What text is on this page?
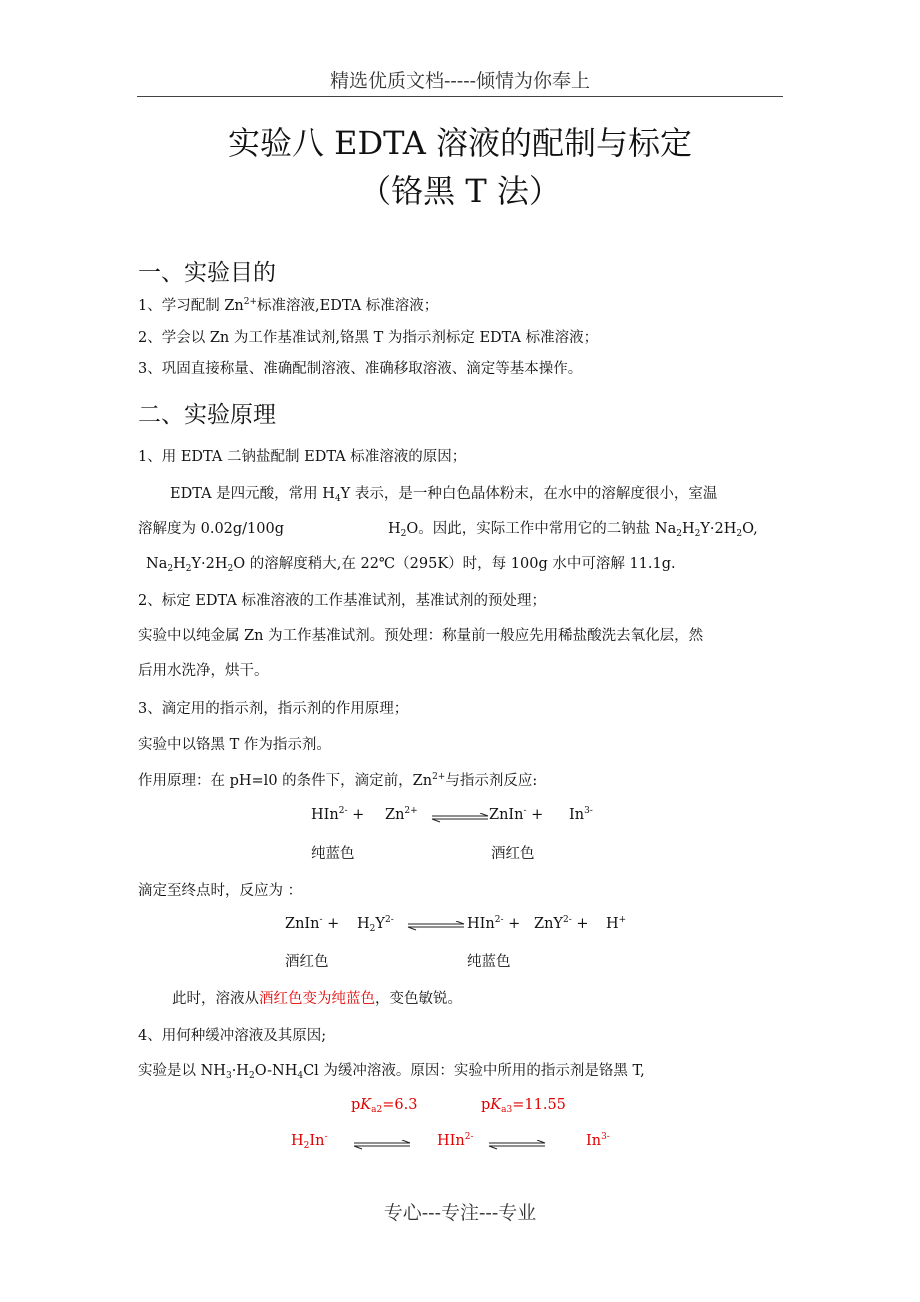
精选优质文档-----倾情为你奉上
实验八 EDTA 溶液的配制与标定
（铬黑 T 法）
一、实验目的
1、学习配制 $Zn^{2+}$标准溶液,EDTA 标准溶液；
2、学会以 Zn 为工作基准试剂,铬黑 T 为指示剂标定 EDTA 标准溶液；
3、巩固直接称量、准确配制溶液、准确移取溶液、滴定等基本操作。
二、实验原理
1、用 EDTA 二钠盐配制 EDTA 标准溶液的原因；
EDTA 是四元酸，常用 $H_4Y$ 表示，是一种白色晶体粉末，在水中的溶解度很小，室温
溶解度为 0.02g/100g	$H_2O$。因此，实际工作中常用它的二钠盐 $Na_2H_2Y\cdot 2H_2O$,
$Na_2H_2Y\cdot 2H_2O$ 的溶解度稍大,在 22℃（295K）时，每 100g 水中可溶解 11.1g.
2、标定 EDTA 标准溶液的工作基准试剂，基准试剂的预处理；
实验中以纯金属 Zn 为工作基准试剂。预处理：称量前一般应先用稀盐酸洗去氧化层，然
后用水洗净，烘干。
3、滴定用的指示剂，指示剂的作用原理；
实验中以铬黑 T 作为指示剂。
作用原理：在 pH=l0 的条件下，滴定前，$Zn^{2+}$与指示剂反应:
$HIn^{2-} + Zn^{2+}$	ZnIn- + $In^{3-}$
纯蓝色	酒红色
滴定至终点时，反应为 ：
ZnIn- + $H_2Y^{2-}$	HIn$^{2-}$ + ZnY$^{2-}$ + H+
酒红色	纯蓝色
此时，溶液从酒红色变为纯蓝色，变色敏锐。
4、用何种缓冲溶液及其原因;
实验是以 $NH_3\cdot H_2O-NH_4Cl$ 为缓冲溶液。原因：实验中所用的指示剂是铬黑 T,
$pK_{a2}=6.3$	$pK_{a3}=11.55$
$H_2In^-$	HIn$^{2-}$	$In^{3-}$
专心---专注---专业
